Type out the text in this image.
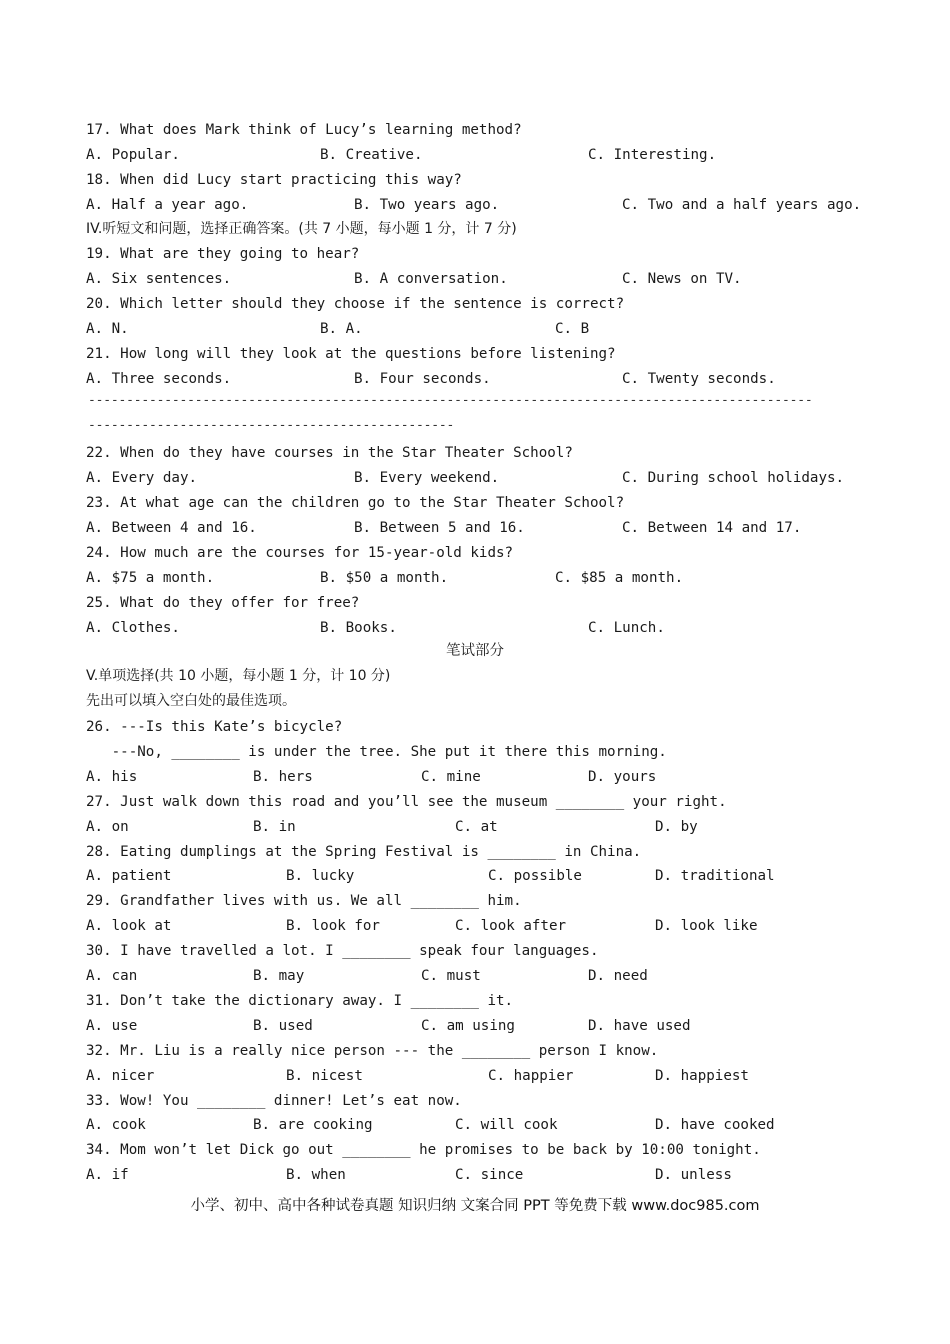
17. What does Mark think of Lucy’s learning method?
A. Popular.	B. Creative.	C. Interesting.
18. When did Lucy start practicing this way?
A. Half a year ago.	B. Two years ago.	C. Two and a half years ago.
IV.听短文和问题，选择正确答案。(共 7 小题，每小题 1 分，计 7 分)
19. What are they going to hear?
A. Six sentences.	B. A conversation.	C. News on TV.
20. Which letter should they choose if the sentence is correct?
A. N.	B. A.	C. B
21. How long will they look at the questions before listening?
A. Three seconds.	B. Four seconds.	C. Twenty seconds.
-----------------------------------------------------------------------------------------------
------------------------------------------------
22. When do they have courses in the Star Theater School?
A. Every day.	B. Every weekend.	C. During school holidays.
23. At what age can the children go to the Star Theater School?
A. Between 4 and 16.	B. Between 5 and 16.	C. Between 14 and 17.
24. How much are the courses for 15-year-old kids?
A. $75 a month.	B. $50 a month.	C. $85 a month.
25. What do they offer for free?
A. Clothes.	B. Books.	C. Lunch.
笔试部分
V.单项选择(共 10 小题，每小题 1 分，计 10 分)
先出可以填入空白处的最佳选项。
26. ---Is this Kate’s bicycle?
---No, ________ is under the tree. She put it there this morning.
A. his	B. hers	C. mine	D. yours
27. Just walk down this road and you’ll see the museum ________ your right.
A. on	B. in	C. at	D. by
28. Eating dumplings at the Spring Festival is ________ in China.
A. patient	B. lucky	C. possible	D. traditional
29. Grandfather lives with us. We all ________ him.
A. look at	B. look for	C. look after	D. look like
30. I have travelled a lot. I ________ speak four languages.
A. can	B. may	C. must	D. need
31. Don’t take the dictionary away. I ________ it.
A. use	B. used	C. am using	D. have used
32. Mr. Liu is a really nice person --- the ________ person I know.
A. nicer	B. nicest	C. happier	D. happiest
33. Wow! You ________ dinner! Let’s eat now.
A. cook	B. are cooking	C. will cook	D. have cooked
34. Mom won’t let Dick go out ________ he promises to be back by 10:00 tonight.
A. if	B. when	C. since	D. unless
小学、初中、高中各种试卷真题 知识归纳 文案合同 PPT 等免费下载 www.doc985.com
